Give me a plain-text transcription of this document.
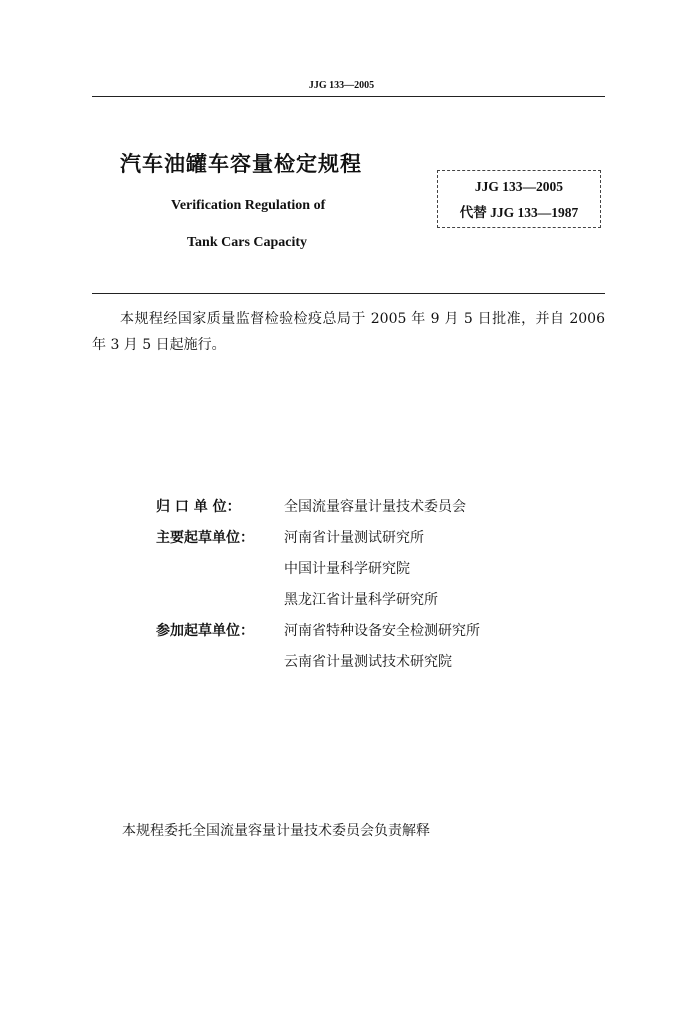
JJG 133—2005
汽车油罐车容量检定规程
Verification Regulation of
Tank Cars Capacity
JJG 133—2005
代替 JJG 133—1987
本规程经国家质量监督检验检疫总局于 2005 年 9 月 5 日批准，并自 2006 年 3 月 5 日起施行。
归 口 单 位：	全国流量容量计量技术委员会
主要起草单位： 河南省计量测试研究所
中国计量科学研究院
黑龙江省计量科学研究所
参加起草单位： 河南省特种设备安全检测研究所
云南省计量测试技术研究院
本规程委托全国流量容量计量技术委员会负责解释
